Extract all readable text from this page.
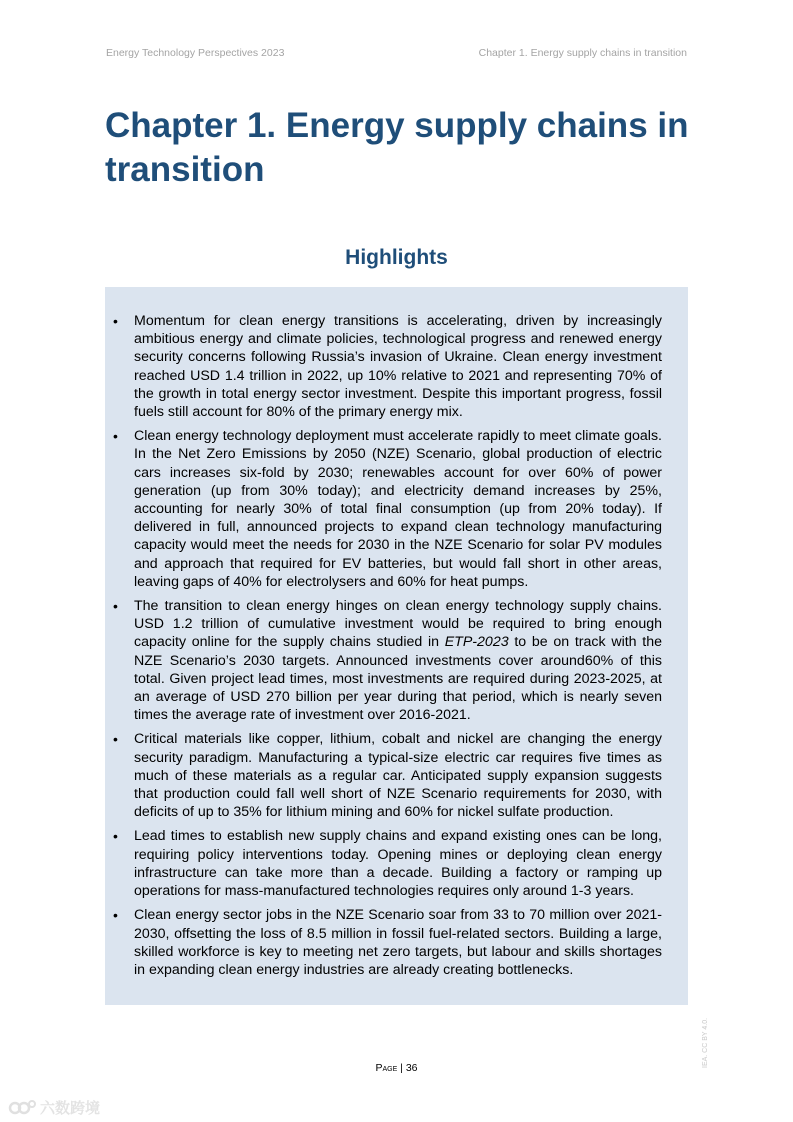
Energy Technology Perspectives 2023	Chapter 1. Energy supply chains in transition
Chapter 1. Energy supply chains in transition
Highlights
•	Momentum for clean energy transitions is accelerating, driven by increasingly ambitious energy and climate policies, technological progress and renewed energy security concerns following Russia’s invasion of Ukraine. Clean energy investment reached USD 1.4 trillion in 2022, up 10% relative to 2021 and representing 70% of the growth in total energy sector investment. Despite this important progress, fossil fuels still account for 80% of the primary energy mix.
•	Clean energy technology deployment must accelerate rapidly to meet climate goals. In the Net Zero Emissions by 2050 (NZE) Scenario, global production of electric cars increases six-fold by 2030; renewables account for over 60% of power generation (up from 30% today); and electricity demand increases by 25%, accounting for nearly 30% of total final consumption (up from 20% today). If delivered in full, announced projects to expand clean technology manufacturing capacity would meet the needs for 2030 in the NZE Scenario for solar PV modules and approach that required for EV batteries, but would fall short in other areas, leaving gaps of 40% for electrolysers and 60% for heat pumps.
•	The transition to clean energy hinges on clean energy technology supply chains. USD 1.2 trillion of cumulative investment would be required to bring enough capacity online for the supply chains studied in ETP-2023 to be on track with the NZE Scenario’s 2030 targets. Announced investments cover around60% of this total. Given project lead times, most investments are required during 2023-2025, at an average of USD 270 billion per year during that period, which is nearly seven times the average rate of investment over 2016-2021.
•	Critical materials like copper, lithium, cobalt and nickel are changing the energy security paradigm. Manufacturing a typical-size electric car requires five times as much of these materials as a regular car. Anticipated supply expansion suggests that production could fall well short of NZE Scenario requirements for 2030, with deficits of up to 35% for lithium mining and 60% for nickel sulfate production.
•	Lead times to establish new supply chains and expand existing ones can be long, requiring policy interventions today. Opening mines or deploying clean energy infrastructure can take more than a decade. Building a factory or ramping up operations for mass-manufactured technologies requires only around 1-3 years.
•	Clean energy sector jobs in the NZE Scenario soar from 33 to 70 million over 2021-2030, offsetting the loss of 8.5 million in fossil fuel-related sectors. Building a large, skilled workforce is key to meeting net zero targets, but labour and skills shortages in expanding clean energy industries are already creating bottlenecks.
Page | 36	IEA. CC BY 4.0.
六数跨境
